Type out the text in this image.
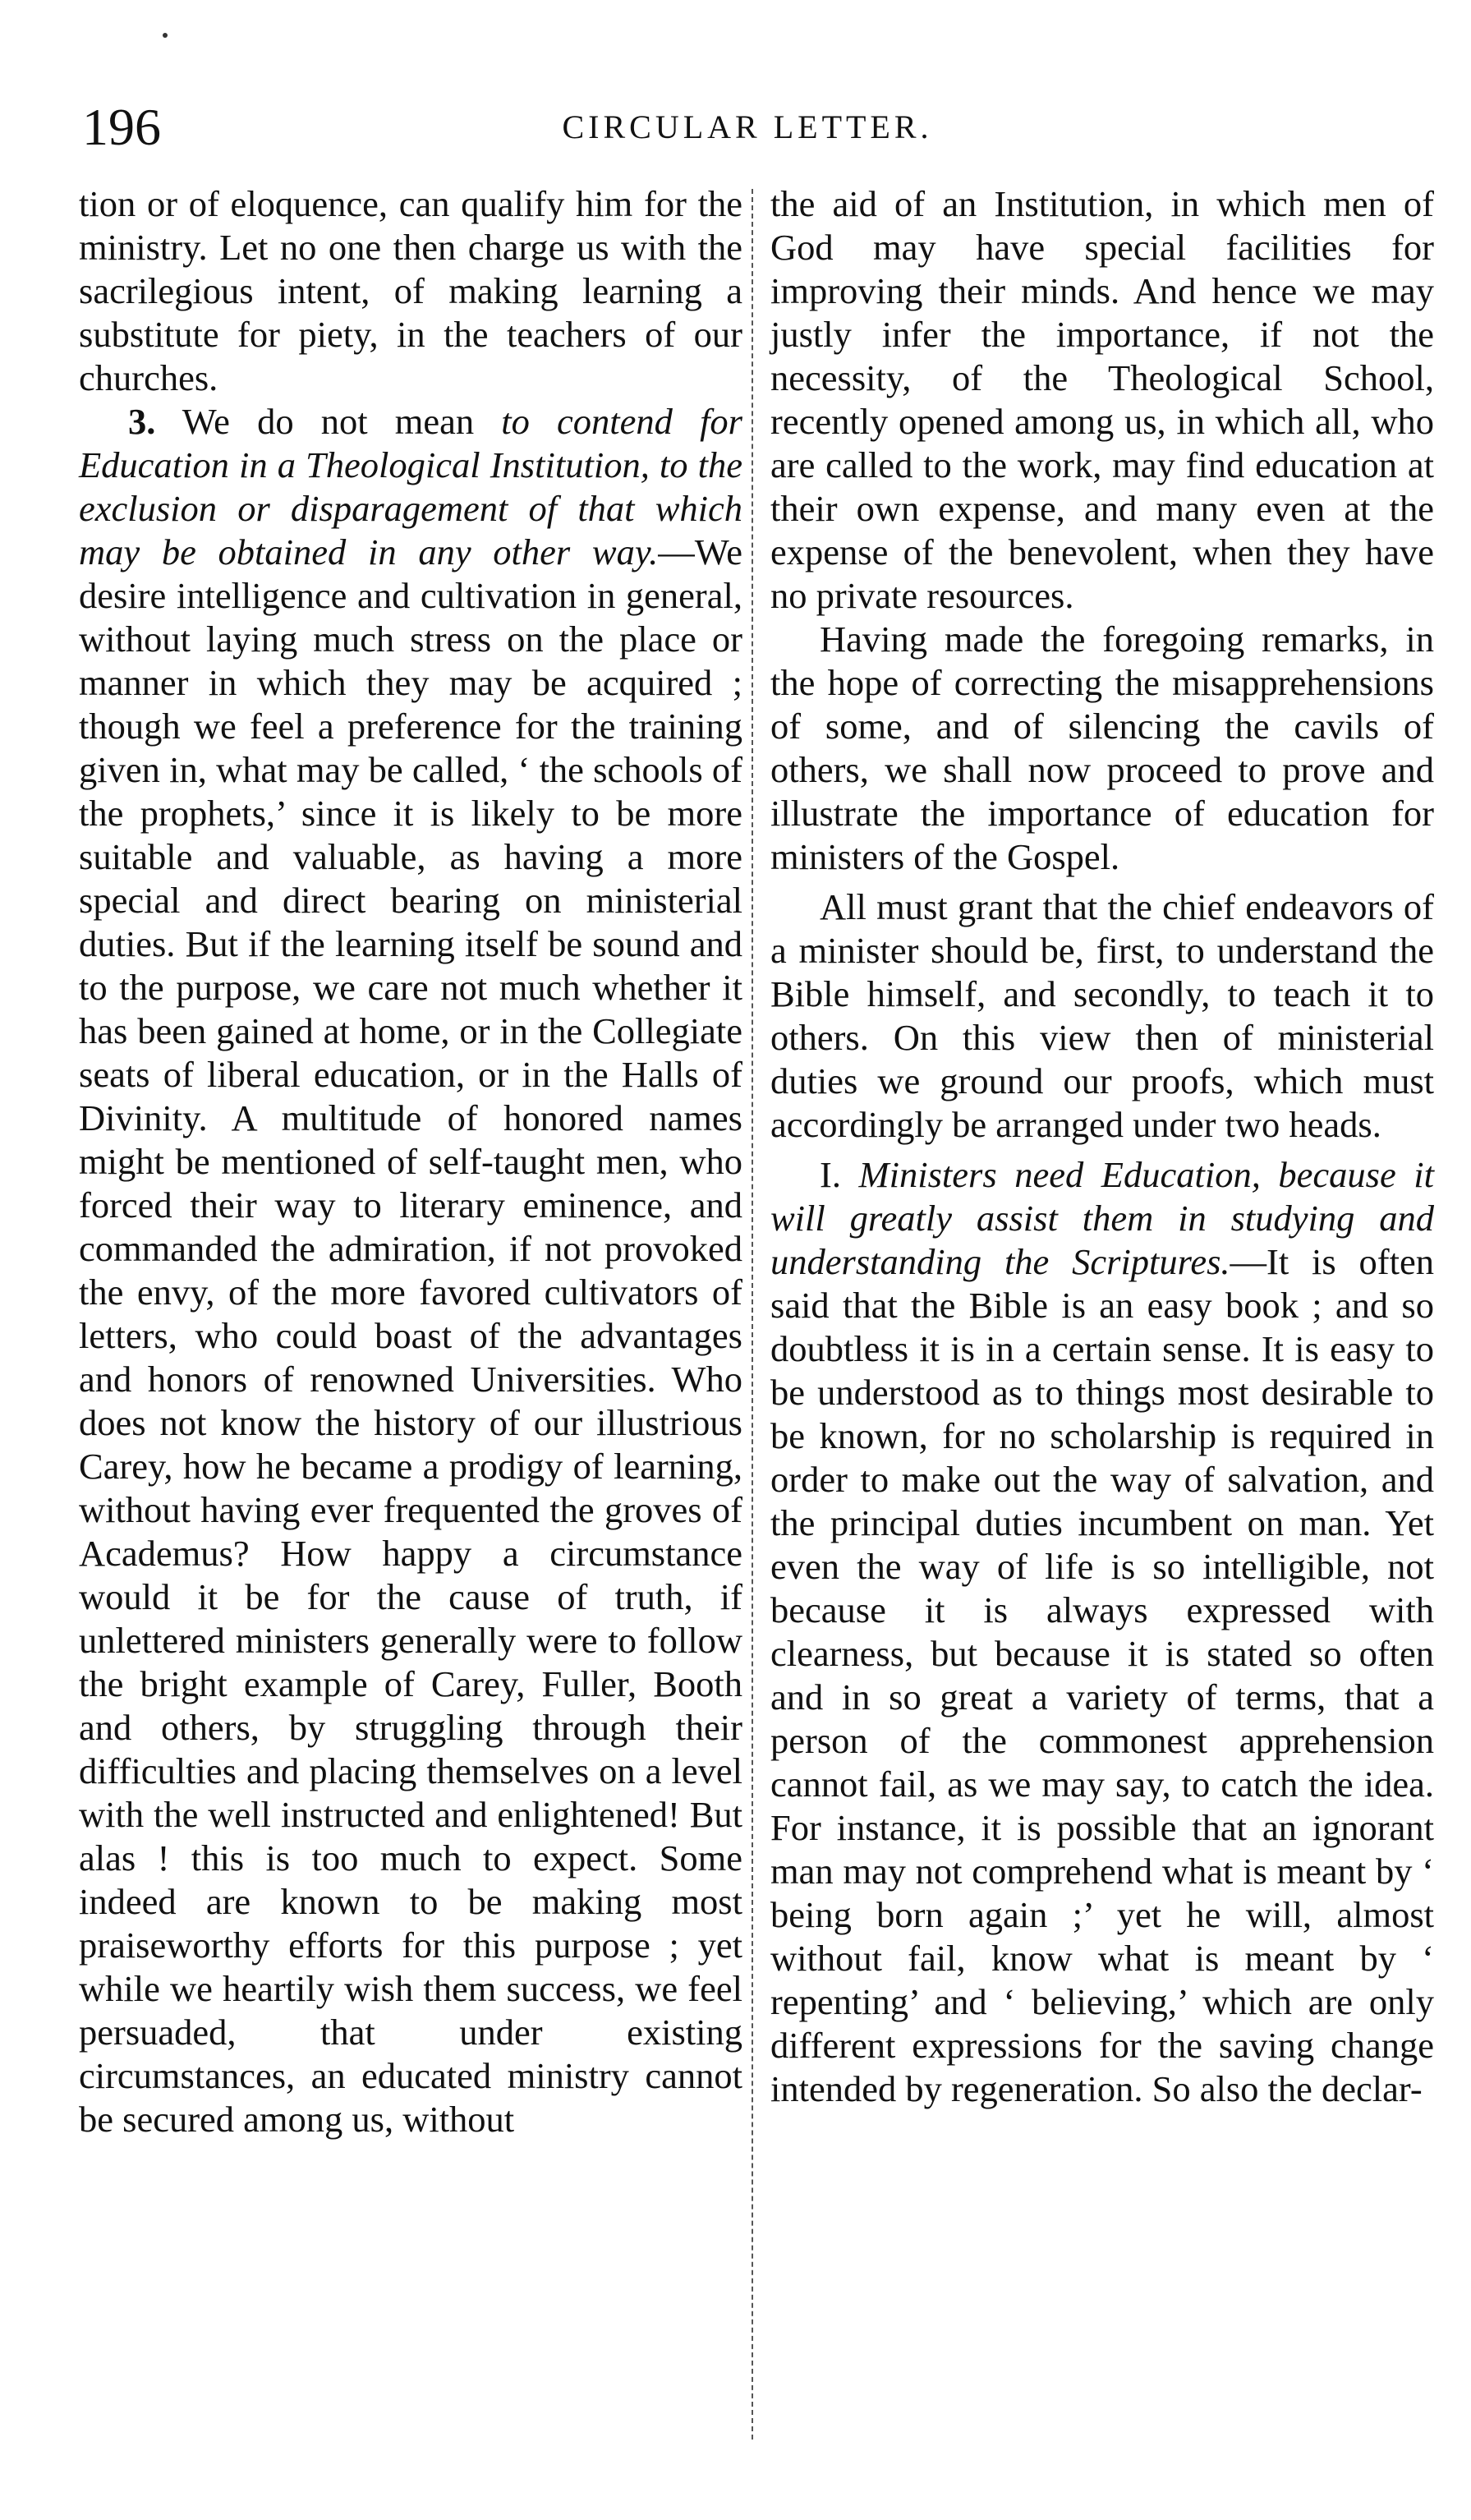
196	CIRCULAR LETTER.

tion or of eloquence, can qualify him for the ministry. Let no one then charge us with the sacrilegious intent, of making learning a substitute for piety, in the teachers of our churches.

3. We do not mean to contend for Education in a Theological Institution, to the exclusion or disparagement of that which may be obtained in any other way.—We desire intelligence and cultivation in general, without laying much stress on the place or manner in which they may be acquired ; though we feel a preference for the training given in, what may be called, ‘ the schools of the prophets,’ since it is likely to be more suitable and valuable, as having a more special and direct bearing on ministerial duties. But if the learning itself be sound and to the purpose, we care not much whether it has been gained at home, or in the Collegiate seats of liberal education, or in the Halls of Divinity. A multitude of honored names might be mentioned of self-taught men, who forced their way to literary eminence, and commanded the admiration, if not provoked the envy, of the more favored cultivators of letters, who could boast of the advantages and honors of renowned Universities. Who does not know the history of our illustrious Carey, how he became a prodigy of learning, without having ever frequented the groves of Academus? How happy a circumstance would it be for the cause of truth, if unlettered ministers generally were to follow the bright example of Carey, Fuller, Booth and others, by struggling through their difficulties and placing themselves on a level with the well instructed and enlightened! But alas ! this is too much to expect. Some indeed are known to be making most praiseworthy efforts for this purpose ; yet while we heartily wish them success, we feel persuaded, that under existing circumstances, an educated ministry cannot be secured among us, without

the aid of an Institution, in which men of God may have special facilities for improving their minds. And hence we may justly infer the importance, if not the necessity, of the Theological School, recently opened among us, in which all, who are called to the work, may find education at their own expense, and many even at the expense of the benevolent, when they have no private resources.

Having made the foregoing remarks, in the hope of correcting the misapprehensions of some, and of silencing the cavils of others, we shall now proceed to prove and illustrate the importance of education for ministers of the Gospel.

All must grant that the chief endeavors of a minister should be, first, to understand the Bible himself, and secondly, to teach it to others. On this view then of ministerial duties we ground our proofs, which must accordingly be arranged under two heads.

I. Ministers need Education, because it will greatly assist them in studying and understanding the Scriptures.—It is often said that the Bible is an easy book ; and so doubtless it is in a certain sense. It is easy to be understood as to things most desirable to be known, for no scholarship is required in order to make out the way of salvation, and the principal duties incumbent on man. Yet even the way of life is so intelligible, not because it is always expressed with clearness, but because it is stated so often and in so great a variety of terms, that a person of the commonest apprehension cannot fail, as we may say, to catch the idea. For instance, it is possible that an ignorant man may not comprehend what is meant by ‘ being born again ;’ yet he will, almost without fail, know what is meant by ‘ repenting’ and ‘ believing,’ which are only different expressions for the saving change intended by regeneration. So also the declar-
